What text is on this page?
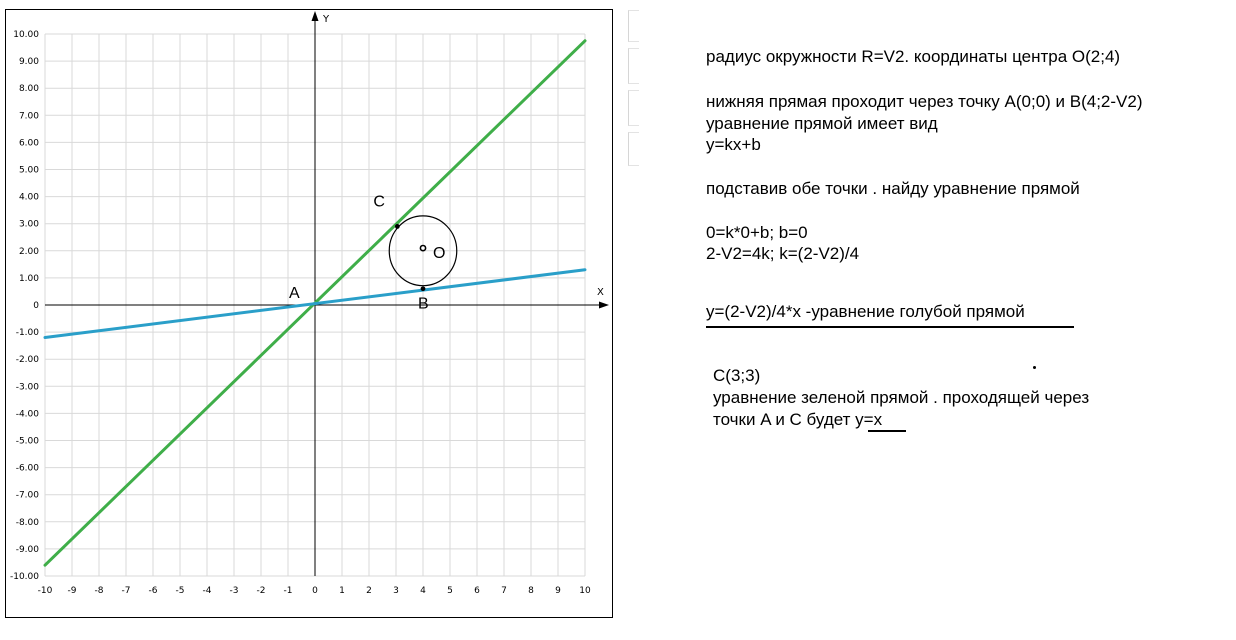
X
Y
-10 -9 -8 -7 -6 -5 -4 -3 -2 -1 0 1 2 3 4 5 6 7 8 9 10
10.00
9.00
8.00
7.00
6.00
5.00
4.00
3.00
2.00
1.00
0
-1.00
-2.00
-3.00
-4.00
-5.00
-6.00
-7.00
-8.00
-9.00
-10.00
A
B
C
O
радиус окружности R=V2. координаты центра O(2;4)
нижняя прямая проходит через точку A(0;0) и B(4;2-V2)
уравнение прямой имеет вид
y=kx+b
подставив обе точки . найду уравнение прямой
0=k*0+b; b=0
2-V2=4k; k=(2-V2)/4
y=(2-V2)/4*x -уравнение голубой прямой
C(3;3)
уравнение зеленой прямой . проходящей через
точки A и C будет y=x
